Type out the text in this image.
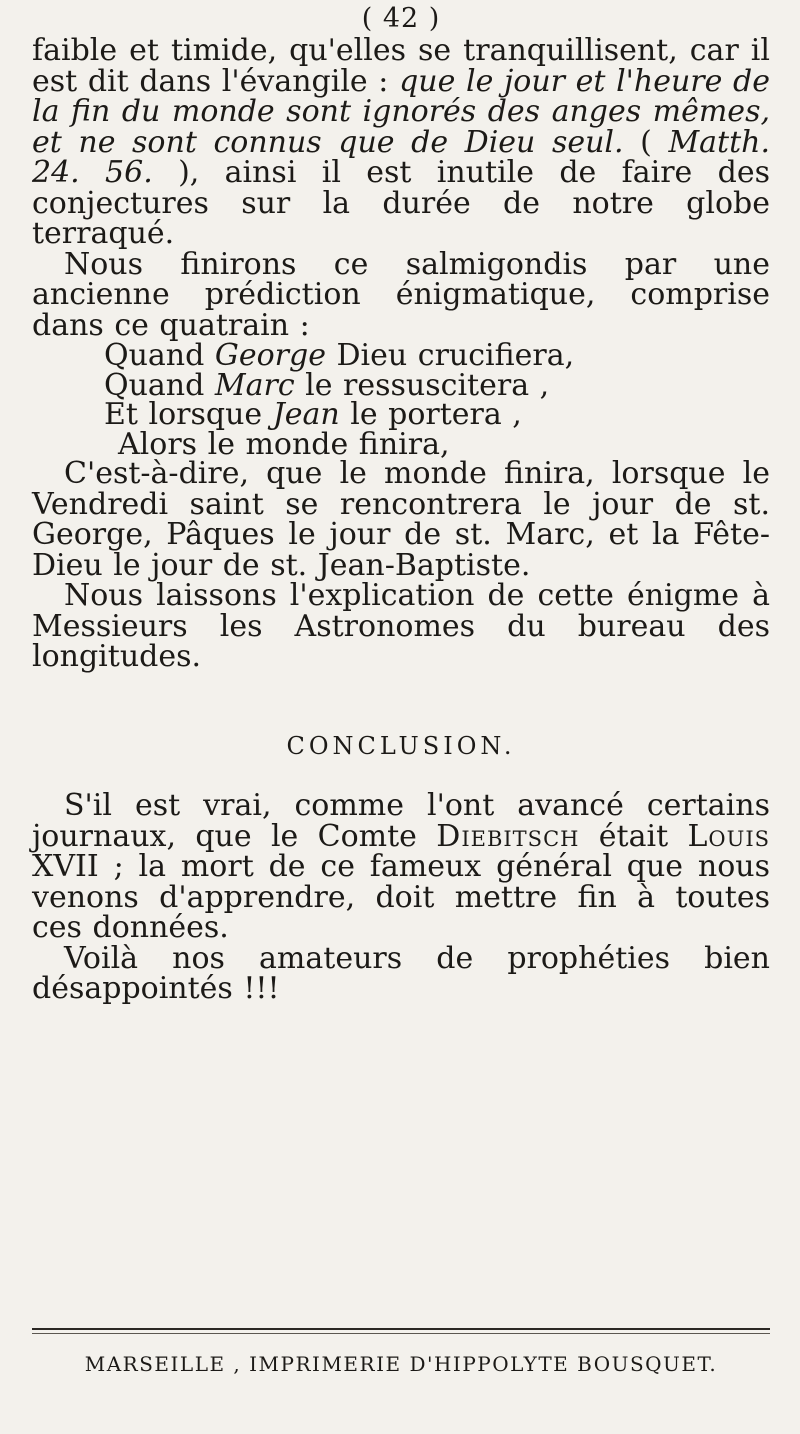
( 42 )

faible et timide, qu'elles se tranquillisent, car il est dit dans l'évangile : que le jour et l'heure de la fin du monde sont ignorés des anges mêmes, et ne sont connus que de Dieu seul. ( Matth. 24. 56. ), ainsi il est inutile de faire des conjectures sur la durée de notre globe terraqué.

Nous finirons ce salmigondis par une ancienne prédiction énigmatique, comprise dans ce quatrain :

Quand George Dieu crucifiera,
Quand Marc le ressuscitera ,
Et lorsque Jean le portera ,
Alors le monde finira,

C'est-à-dire, que le monde finira, lorsque le Vendredi saint se rencontrera le jour de st. George, Pâques le jour de st. Marc, et la Fête-Dieu le jour de st. Jean-Baptiste.

Nous laissons l'explication de cette énigme à Messieurs les Astronomes du bureau des longitudes.

CONCLUSION.

S'il est vrai, comme l'ont avancé certains journaux, que le Comte Diebitsch était Louis XVII ; la mort de ce fameux général que nous venons d'apprendre, doit mettre fin à toutes ces données.

Voilà nos amateurs de prophéties bien désappointés !!!

MARSEILLE , IMPRIMERIE D'HIPPOLYTE BOUSQUET.
